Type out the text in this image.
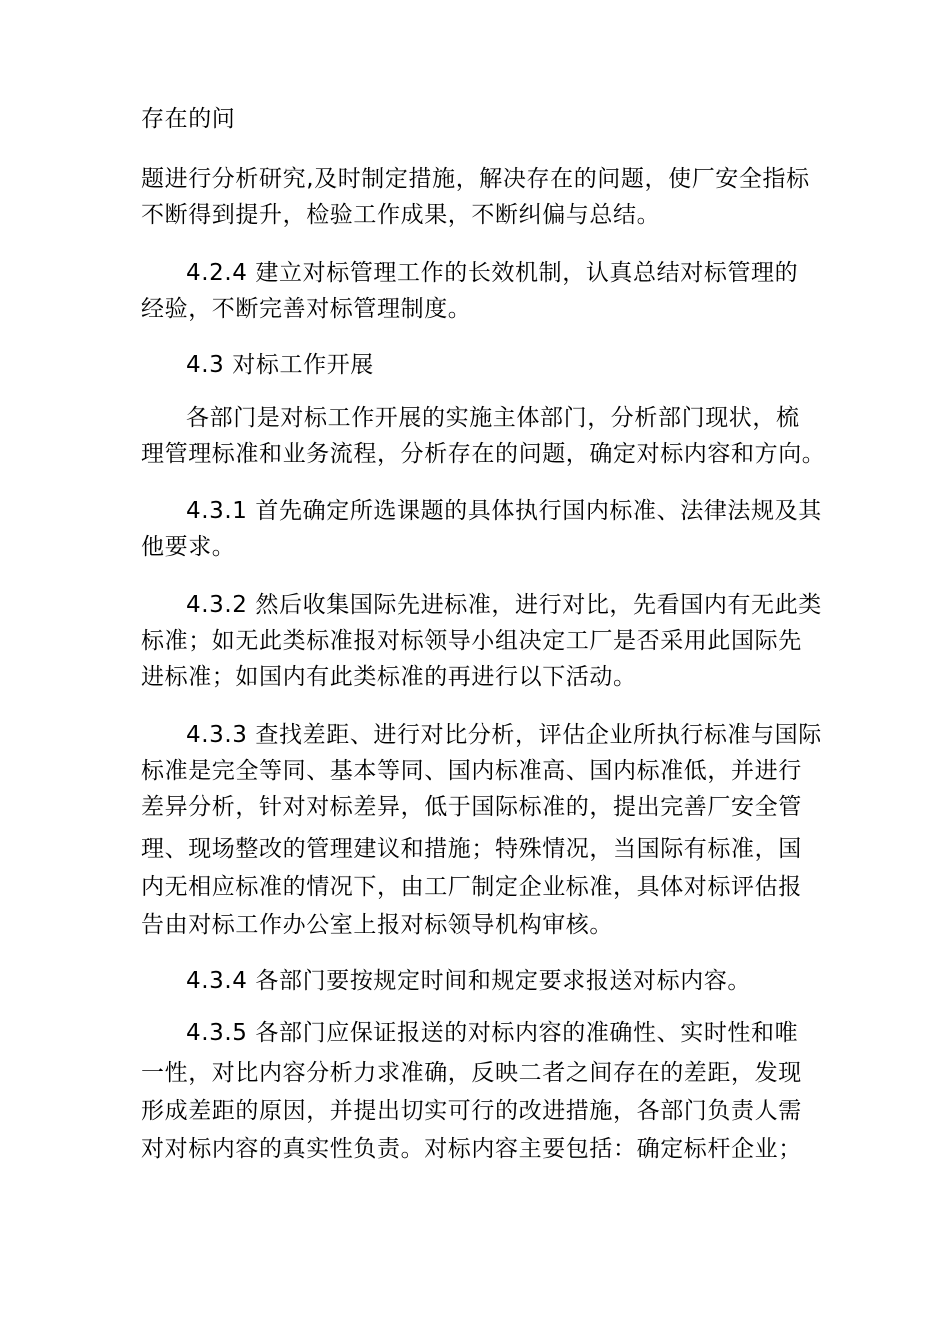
存在的问
题进行分析研究,及时制定措施，解决存在的问题，使厂安全指标
不断得到提升，检验工作成果，不断纠偏与总结。
4.2.4 建立对标管理工作的长效机制，认真总结对标管理的
经验，不断完善对标管理制度。
4.3 对标工作开展
各部门是对标工作开展的实施主体部门，分析部门现状，梳
理管理标准和业务流程，分析存在的问题，确定对标内容和方向。
4.3.1 首先确定所选课题的具体执行国内标准、法律法规及其
他要求。
4.3.2 然后收集国际先进标准，进行对比，先看国内有无此类
标准；如无此类标准报对标领导小组决定工厂是否采用此国际先
进标准；如国内有此类标准的再进行以下活动。
4.3.3 查找差距、进行对比分析，评估企业所执行标准与国际
标准是完全等同、基本等同、国内标准高、国内标准低，并进行
差异分析，针对对标差异，低于国际标准的，提出完善厂安全管
理、现场整改的管理建议和措施；特殊情况，当国际有标准，国
内无相应标准的情况下，由工厂制定企业标准，具体对标评估报
告由对标工作办公室上报对标领导机构审核。
4.3.4 各部门要按规定时间和规定要求报送对标内容。
4.3.5 各部门应保证报送的对标内容的准确性、实时性和唯
一性，对比内容分析力求准确，反映二者之间存在的差距，发现
形成差距的原因，并提出切实可行的改进措施，各部门负责人需
对对标内容的真实性负责。对标内容主要包括：确定标杆企业；
